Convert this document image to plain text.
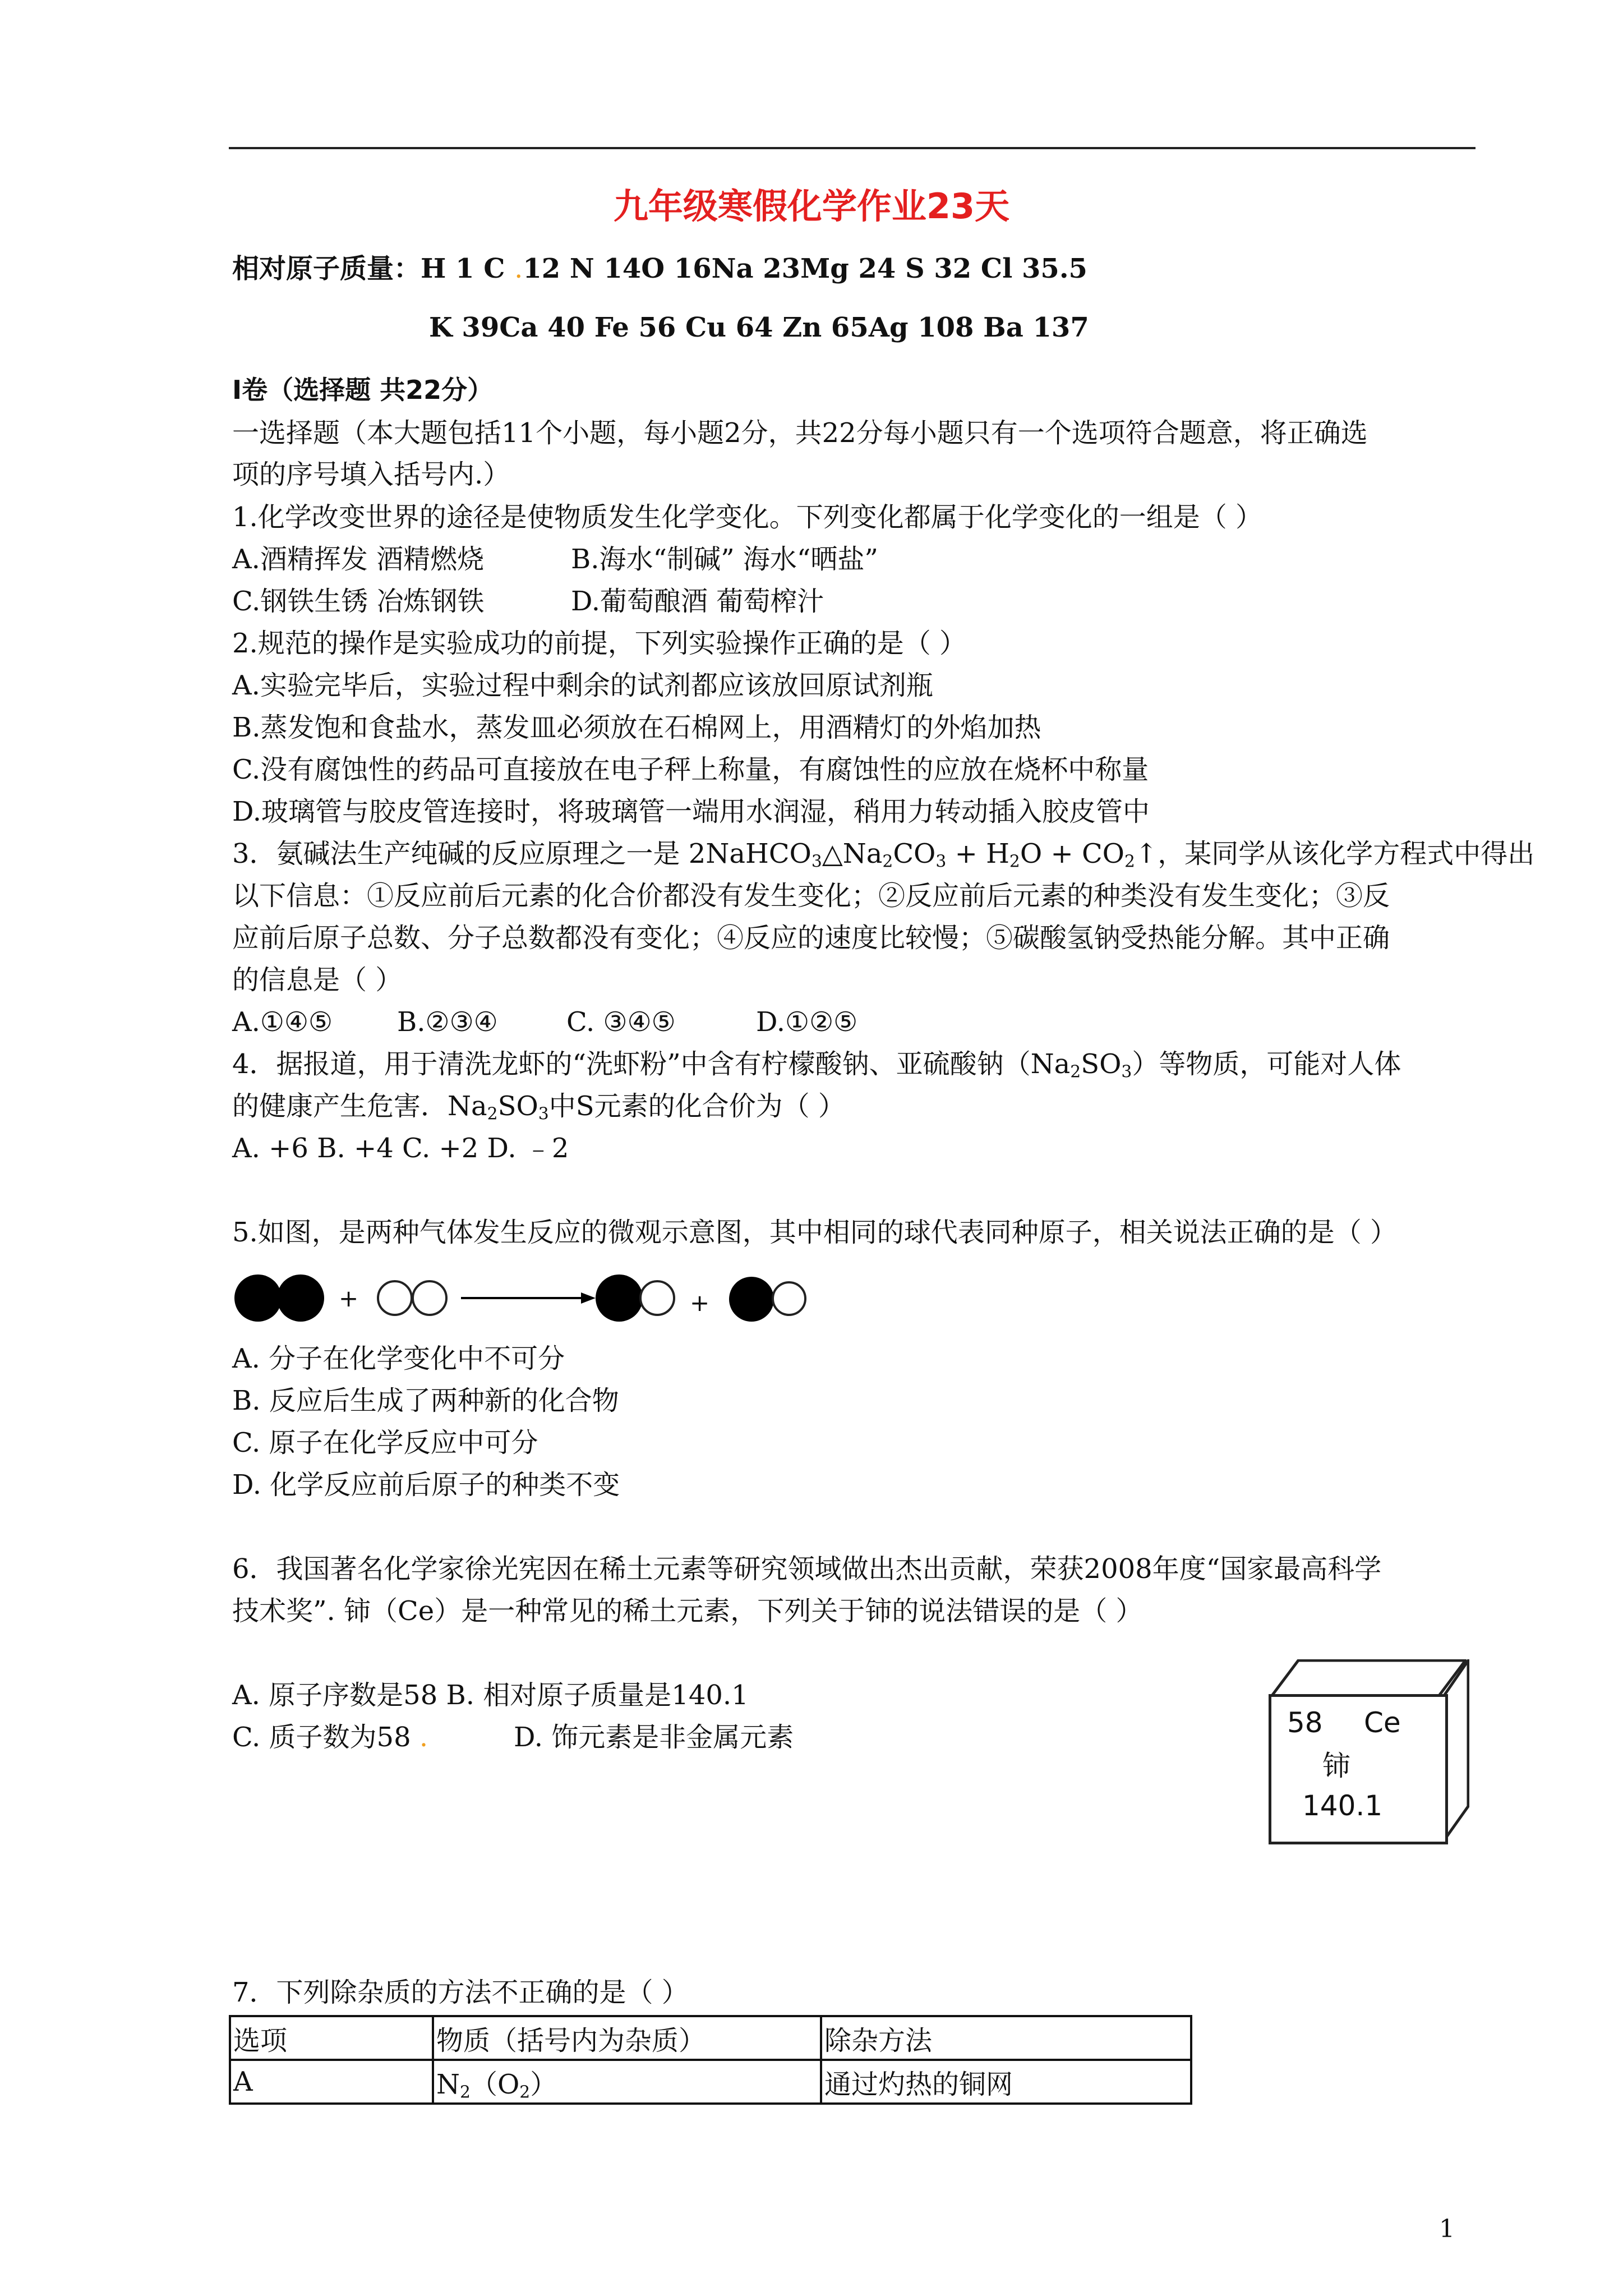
九年级寒假化学作业23天
相对原子质量：H 1 C .12 N 14O 16Na 23Mg 24 S 32 Cl 35.5
K 39Ca 40 Fe 56 Cu 64 Zn 65Ag 108 Ba 137
Ⅰ卷（选择题 共22分）
一选择题（本大题包括11个小题，每小题2分，共22分每小题只有一个选项符合题意，将正确选
项的序号填入括号内.）
1.化学改变世界的途径是使物质发生化学变化。下列变化都属于化学变化的一组是（ ）
A.酒精挥发 酒精燃烧	B.海水“制碱” 海水“晒盐”
C.钢铁生锈 冶炼钢铁	D.葡萄酿酒 葡萄榨汁
2.规范的操作是实验成功的前提，下列实验操作正确的是（ ）
A.实验完毕后，实验过程中剩余的试剂都应该放回原试剂瓶
B.蒸发饱和食盐水，蒸发皿必须放在石棉网上，用酒精灯的外焰加热
C.没有腐蚀性的药品可直接放在电子秤上称量，有腐蚀性的应放在烧杯中称量
D.玻璃管与胶皮管连接时，将玻璃管一端用水润湿，稍用力转动插入胶皮管中
3．氨碱法生产纯碱的反应原理之一是 $2NaHCO_3\triangle Na_2CO_3 + H_2O$ + $CO_2↑$，某同学从该化学方程式中得出
以下信息：①反应前后元素的化合价都没有发生变化；②反应前后元素的种类没有发生变化；③反
应前后原子总数、分子总数都没有变化；④反应的速度比较慢；⑤碳酸氢钠受热能分解。其中正确
的信息是（ ）
A.①④⑤ B.②③④	C. ③④⑤	D.①②⑤
4．据报道，用于清洗龙虾的“洗虾粉”中含有柠檬酸钠、亚硫酸钠$(Na_2SO_3)$等物质，可能对人体
的健康产生危害．$Na_2SO_3$中S元素的化合价为（ ）
A. +6 B. +4 C. +2 D. ﹣2
5.如图，是两种气体发生反应的微观示意图，其中相同的球代表同种原子，相关说法正确的是（ ）
+	+
A. 分子在化学变化中不可分
B. 反应后生成了两种新的化合物
C. 原子在化学反应中可分
D. 化学反应前后原子的种类不变
6．我国著名化学家徐光宪因在稀土元素等研究领域做出杰出贡献，荣获2008年度“国家最高科学
技术奖”. 铈（Ce）是一种常见的稀土元素，下列关于铈的说法错误的是（ ）
A. 原子序数是58 B. 相对原子质量是140.1
C. 质子数为58 .	D. 饰元素是非金属元素	58 Ce
铈
140.1
7．下列除杂质的方法不正确的是（ ）
选项	物质（括号内为杂质）	除杂方法
A	$N_2(O_2)$	通过灼热的铜网
1
